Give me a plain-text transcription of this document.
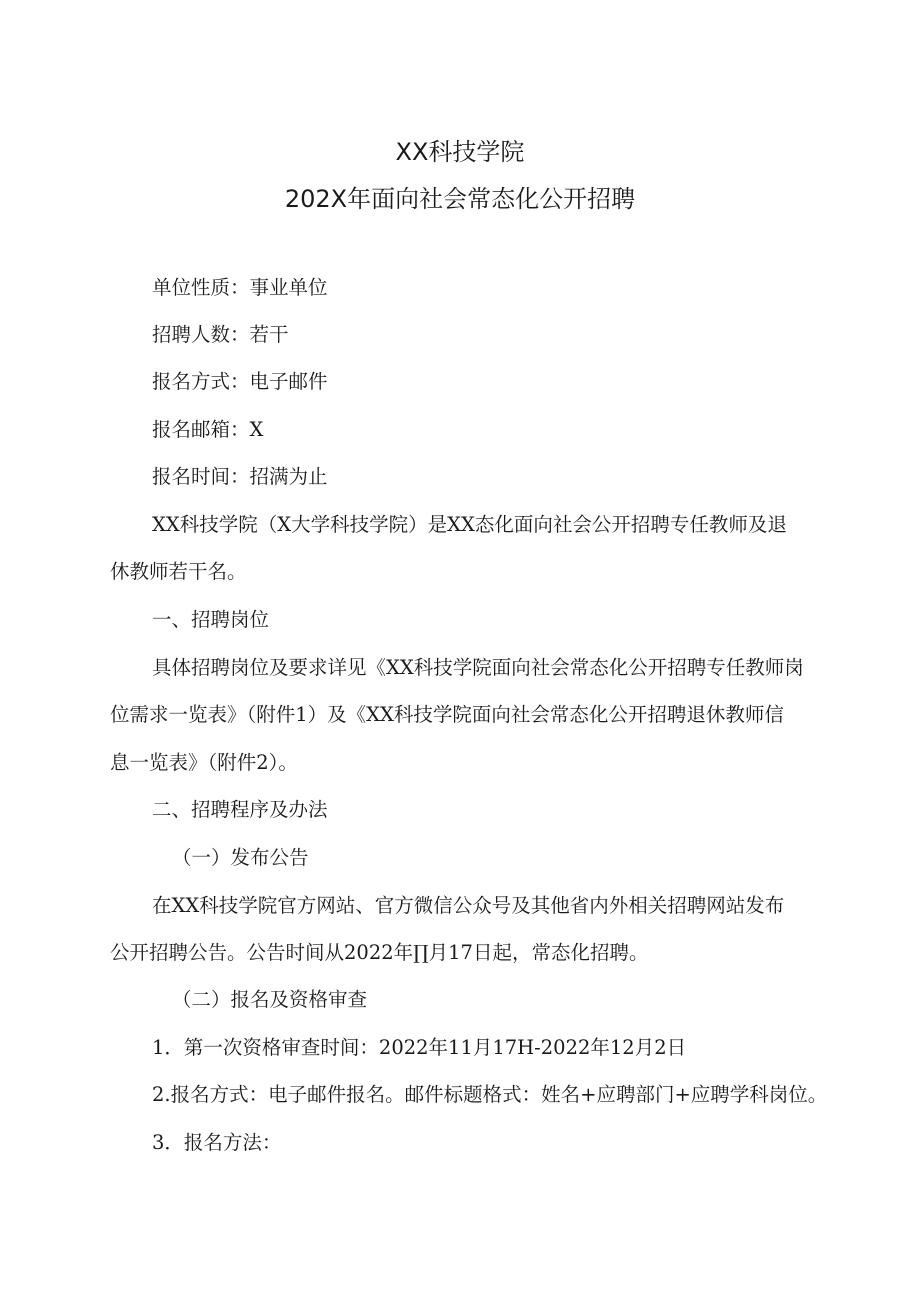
XX科技学院
202X年面向社会常态化公开招聘
单位性质：事业单位
招聘人数：若干
报名方式：电子邮件
报名邮箱：X
报名时间：招满为止
XX科技学院（X大学科技学院）是XX态化面向社会公开招聘专任教师及退
休教师若干名。
一、招聘岗位
具体招聘岗位及要求详见《XX科技学院面向社会常态化公开招聘专任教师岗
位需求一览表》（附件1）及《XX科技学院面向社会常态化公开招聘退休教师信
息一览表》（附件2）。
二、招聘程序及办法
（一）发布公告
在XX科技学院官方网站、官方微信公众号及其他省内外相关招聘网站发布
公开招聘公告。公告时间从2022年∏月17日起，常态化招聘。
（二）报名及资格审查
1．第一次资格审查时间：2022年11月17H-2022年12月2日
2.报名方式：电子邮件报名。邮件标题格式：姓名+应聘部门+应聘学科岗位。
3．报名方法：
